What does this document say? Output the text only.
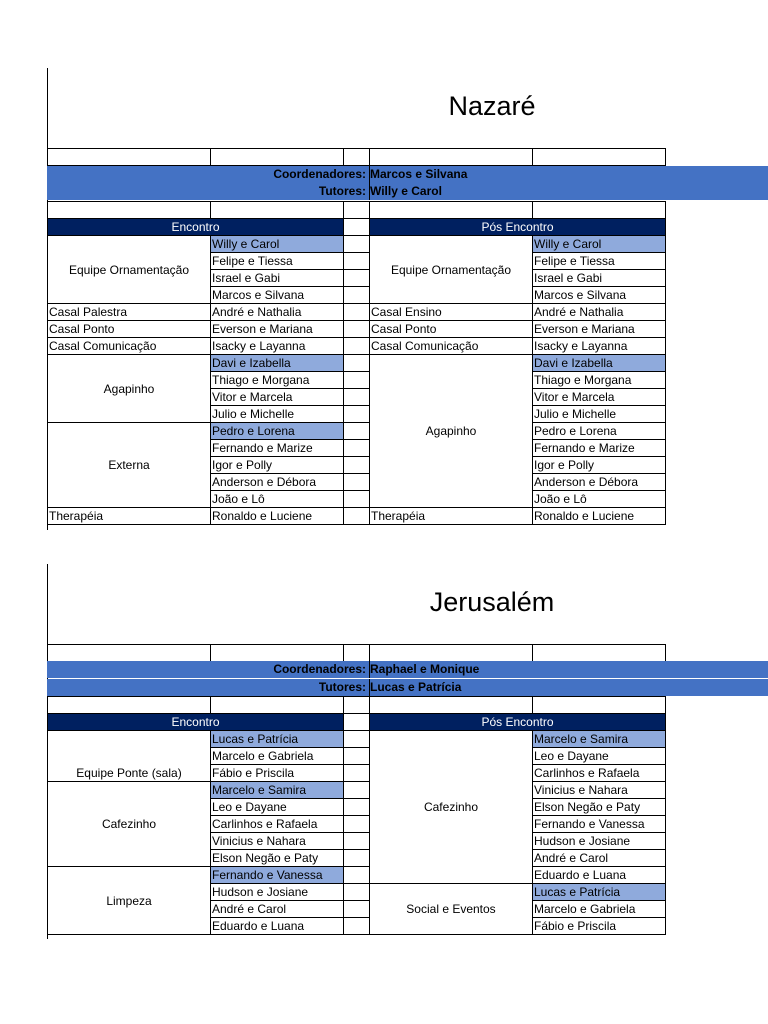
Nazaré

Coordenadores: Marcos e Silvana
Tutores: Willy e Carol

Encontro			Pós Encontro	
Equipe Ornamentação	Willy e Carol		Equipe Ornamentação	Willy e Carol
	Felipe e Tiessa			Felipe e Tiessa
	Israel e Gabi			Israel e Gabi
	Marcos e Silvana			Marcos e Silvana
Casal Palestra	André e Nathalia		Casal Ensino	André e Nathalia
Casal Ponto	Everson e Mariana		Casal Ponto	Everson e Mariana
Casal Comunicação	Isacky e Layanna		Casal Comunicação	Isacky e Layanna
Agapinho	Davi e Izabella		Agapinho	Davi e Izabella
	Thiago e Morgana			Thiago e Morgana
	Vitor e Marcela			Vitor e Marcela
	Julio e Michelle			Julio e Michelle
Externa	Pedro e Lorena			Pedro e Lorena
	Fernando e Marize			Fernando e Marize
	Igor e Polly			Igor e Polly
	Anderson e Débora			Anderson e Débora
	João e Lô			João e Lô
Therapéia	Ronaldo e Luciene		Therapéia	Ronaldo e Luciene
Jerusalém

Coordenadores: Raphael e Monique
Tutores: Lucas e Patrícia

Encontro			Pós Encontro	
Equipe Ponte (sala)	Lucas e Patrícia		Cafezinho	Marcelo e Samira
	Marcelo e Gabriela			Leo e Dayane
	Fábio e Priscila			Carlinhos e Rafaela
Cafezinho	Marcelo e Samira			Vinicius e Nahara
	Leo e Dayane			Elson Negão e Paty
	Carlinhos e Rafaela			Fernando e Vanessa
	Vinicius e Nahara			Hudson e Josiane
	Elson Negão e Paty			André e Carol
Limpeza	Fernando e Vanessa			Eduardo e Luana
	Hudson e Josiane		Social e Eventos	Lucas e Patrícia
	André e Carol			Marcelo e Gabriela
	Eduardo e Luana			Fábio e Priscila
